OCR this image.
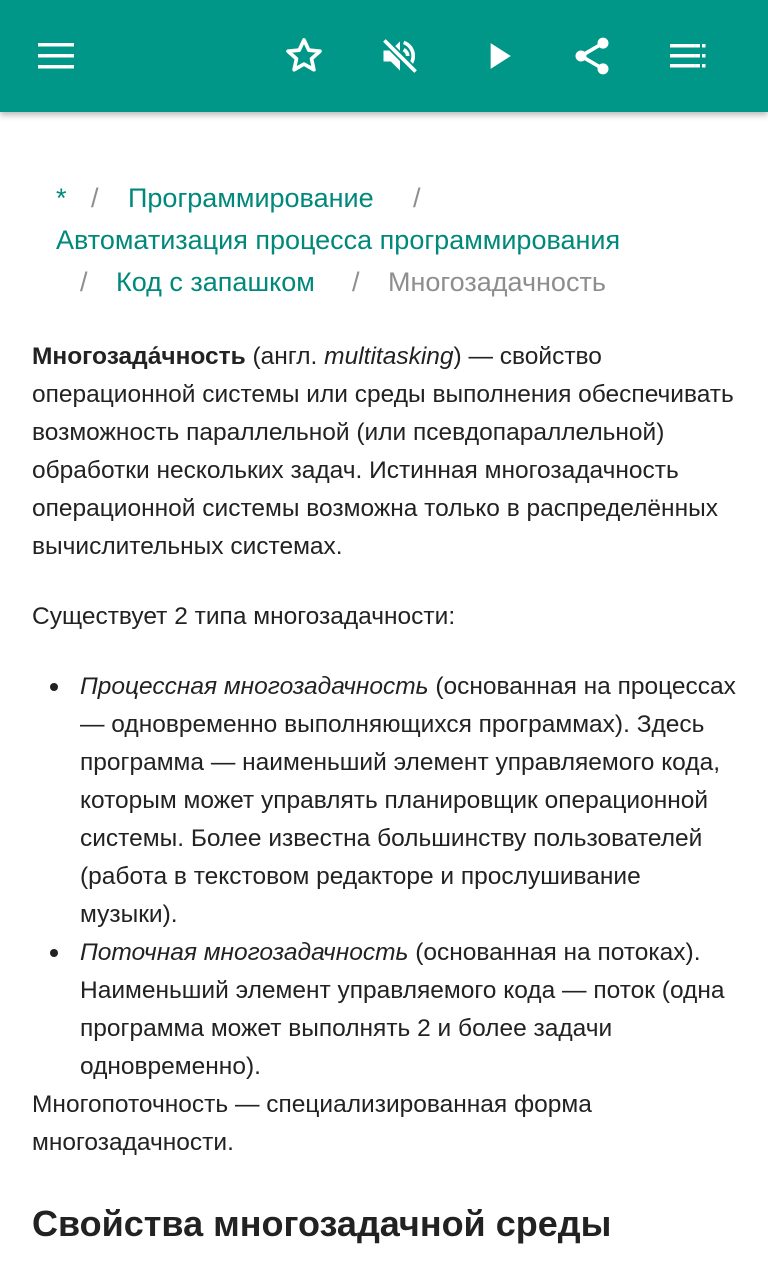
* / Программирование /
Автоматизация процесса программирования
/ Код с запашком / Многозадачность

Многозада́чность (англ. multitasking) — свойство операционной системы или среды выполнения обеспечивать возможность параллельной (или псевдопараллельной) обработки нескольких задач. Истинная многозадачность операционной системы возможна только в распределённых вычислительных системах.

Существует 2 типа многозадачности:

Процессная многозадачность (основанная на процессах — одновременно выполняющихся программах). Здесь программа — наименьший элемент управляемого кода, которым может управлять планировщик операционной системы. Более известна большинству пользователей (работа в текстовом редакторе и прослушивание музыки).
Поточная многозадачность (основанная на потоках). Наименьший элемент управляемого кода — поток (одна программа может выполнять 2 и более задачи одновременно).

Многопоточность — специализированная форма многозадачности.

Свойства многозадачной среды
